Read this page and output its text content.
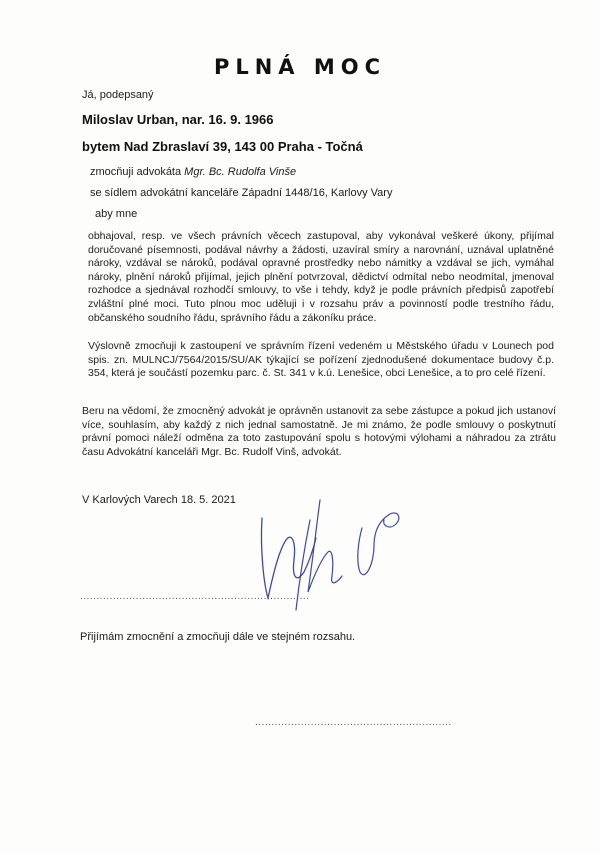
PLNÁ MOC
Já, podepsaný
Miloslav Urban, nar. 16. 9. 1966
bytem Nad Zbraslaví 39, 143 00 Praha - Točná
zmocňuji advokáta Mgr. Bc. Rudolfa Vinše
se sídlem advokátní kanceláře Západní 1448/16, Karlovy Vary
aby mne
obhajoval, resp. ve všech právních věcech zastupoval, aby vykonával veškeré úkony, přijímal doručované písemnosti, podával návrhy a žádosti, uzavíral smíry a narovnání, uznával uplatněné nároky, vzdával se nároků, podával opravné prostředky nebo námitky a vzdával se jich, vymáhal nároky, plnění nároků přijímal, jejich plnění potvrzoval, dědictví odmítal nebo neodmítal, jmenoval rozhodce a sjednával rozhodčí smlouvy, to vše i tehdy, když je podle právních předpisů zapotřebí zvláštní plné moci. Tuto plnou moc uděluji i v rozsahu práv a povinností podle trestního řádu, občanského soudního řádu, správního řádu a zákoníku práce.
Výslovně zmocňuji k zastoupení ve správním řízení vedeném u Městského úřadu v Lounech pod spis. zn. MULNCJ/7564/2015/SU/AK týkající se pořízení zjednodušené dokumentace budovy č.p. 354, která je součástí pozemku parc. č. St. 341 v k.ú. Lenešice, obci Lenešice, a to pro celé řízení.
Beru na vědomí, že zmocněný advokát je oprávněn ustanovit za sebe zástupce a pokud jich ustanoví více, souhlasím, aby každý z nich jednal samostatně. Je mi známo, že podle smlouvy o poskytnutí právní pomoci náleží odměna za toto zastupování spolu s hotovými výlohami a náhradou za ztrátu času Advokátní kanceláři Mgr. Bc. Rudolf Vinš, advokát.
V Karlových Varech 18. 5. 2021
......................................................................
Přijímám zmocnění a zmocňuji dále ve stejném rozsahu.
............................................................
